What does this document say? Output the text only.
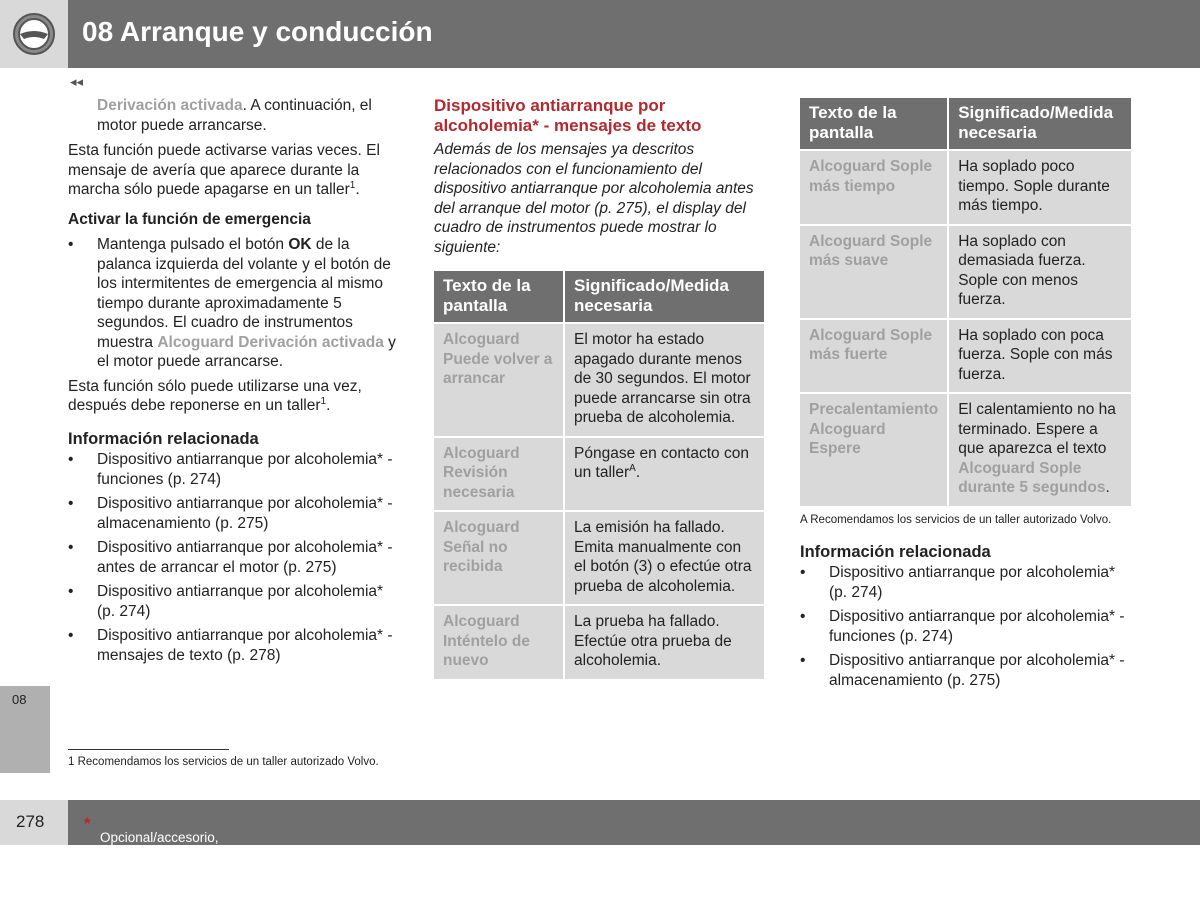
08 Arranque y conducción
◂◂
08

Derivación activada. A continuación, el motor puede arrancarse.

Esta función puede activarse varias veces. El mensaje de avería que aparece durante la marcha sólo puede apagarse en un taller$^1$.

Activar la función de emergencia
• Mantenga pulsado el botón OK de la palanca izquierda del volante y el botón de los intermitentes de emergencia al mismo tiempo durante aproximadamente 5 segundos. El cuadro de instrumentos muestra Alcoguard Derivación activada y el motor puede arrancarse.

Esta función sólo puede utilizarse una vez, después debe reponerse en un taller$^1$.

Información relacionada
• Dispositivo antiarranque por alcoholemia* - funciones (p. 274)
• Dispositivo antiarranque por alcoholemia* - almacenamiento (p. 275)
• Dispositivo antiarranque por alcoholemia* - antes de arrancar el motor (p. 275)
• Dispositivo antiarranque por alcoholemia* (p. 274)
• Dispositivo antiarranque por alcoholemia* - mensajes de texto (p. 278)
Dispositivo antiarranque por alcoholemia* - mensajes de texto

Además de los mensajes ya descritos relacionados con el funcionamiento del dispositivo antiarranque por alcoholemia antes del arranque del motor (p. 275), el display del cuadro de instrumentos puede mostrar lo siguiente:

Texto de la pantalla	Significado/Medida necesaria
Alcoguard Puede volver a arrancar	El motor ha estado apagado durante menos de 30 segundos. El motor puede arrancarse sin otra prueba de alcoholemia.
Alcoguard Revisión necesaria	Póngase en contacto con un taller$^A$.
Alcoguard Señal no recibida	La emisión ha fallado. Emita manualmente con el botón (3) o efectúe otra prueba de alcoholemia.
Alcoguard Inténtelo de nuevo	La prueba ha fallado. Efectúe otra prueba de alcoholemia.
Texto de la pantalla	Significado/Medida necesaria
Alcoguard Sople más tiempo	Ha soplado poco tiempo. Sople durante más tiempo.
Alcoguard Sople más suave	Ha soplado con demasiada fuerza. Sople con menos fuerza.
Alcoguard Sople más fuerte	Ha soplado con poca fuerza. Sople con más fuerza.
Precalentamiento Alcoguard Espere	El calentamiento no ha terminado. Espere a que aparezca el texto Alcoguard Sople durante 5 segundos.
A Recomendamos los servicios de un taller autorizado Volvo.
Información relacionada
• Dispositivo antiarranque por alcoholemia* (p. 274)
• Dispositivo antiarranque por alcoholemia* - funciones (p. 274)
• Dispositivo antiarranque por alcoholemia* - almacenamiento (p. 275)
1 Recomendamos los servicios de un taller autorizado Volvo.
278 *
Opcional/accesorio, para mayor información, vea Introducción.
